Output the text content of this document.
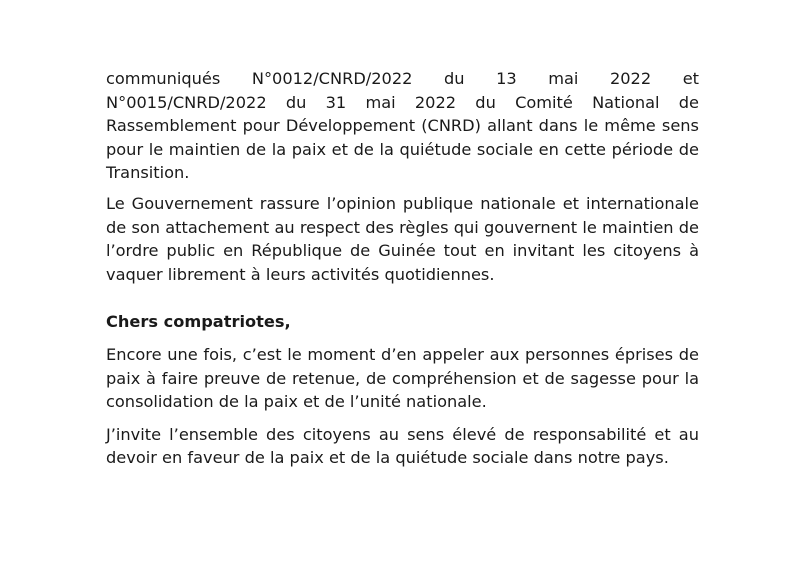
communiqués N°0012/CNRD/2022 du 13 mai 2022 et N°0015/CNRD/2022 du 31 mai 2022 du Comité National de Rassemblement pour Développement (CNRD) allant dans le même sens pour le maintien de la paix et de la quiétude sociale en cette période de Transition.

Le Gouvernement rassure l’opinion publique nationale et internationale de son attachement au respect des règles qui gouvernent le maintien de l’ordre public en République de Guinée tout en invitant les citoyens à vaquer librement à leurs activités quotidiennes.

Chers compatriotes,

Encore une fois, c’est le moment d’en appeler aux personnes éprises de paix à faire preuve de retenue, de compréhension et de sagesse pour la consolidation de la paix et de l’unité nationale.

J’invite l’ensemble des citoyens au sens élevé de responsabilité et au devoir en faveur de la paix et de la quiétude sociale dans notre pays.
